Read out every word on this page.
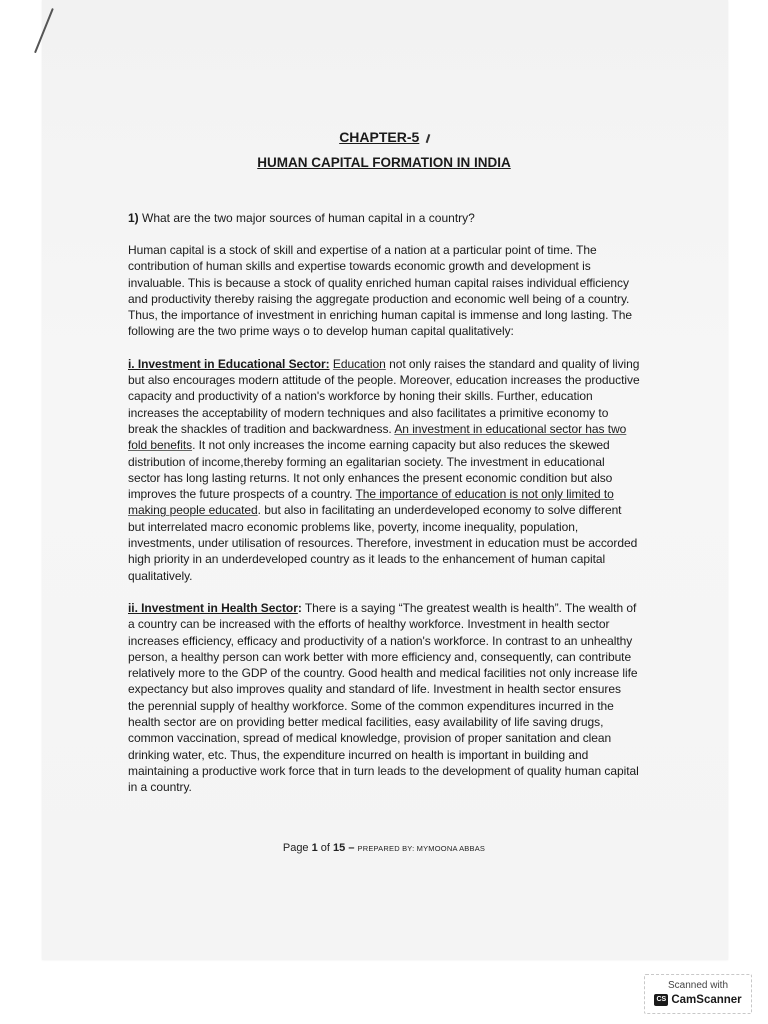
CHAPTER-5
HUMAN CAPITAL FORMATION IN INDIA

1) What are the two major sources of human capital in a country?

Human capital is a stock of skill and expertise of a nation at a particular point of time. The contribution of human skills and expertise towards economic growth and development is invaluable. This is because a stock of quality enriched human capital raises individual efficiency and productivity thereby raising the aggregate production and economic well being of a country. Thus, the importance of investment in enriching human capital is immense and long lasting. The following are the two prime ways o to develop human capital qualitatively:

i. Investment in Educational Sector: Education not only raises the standard and quality of living but also encourages modern attitude of the people. Moreover, education increases the productive capacity and productivity of a nation's workforce by honing their skills. Further, education increases the acceptability of modern techniques and also facilitates a primitive economy to break the shackles of tradition and backwardness. An investment in educational sector has two fold benefits. It not only increases the income earning capacity but also reduces the skewed distribution of income,thereby forming an egalitarian society. The investment in educational sector has long lasting returns. It not only enhances the present economic condition but also improves the future prospects of a country. The importance of education is not only limited to making people educated. but also in facilitating an underdeveloped economy to solve different but interrelated macro economic problems like, poverty, income inequality, population, investments, under utilisation of resources. Therefore, investment in education must be accorded high priority in an underdeveloped country as it leads to the enhancement of human capital qualitatively.

ii. Investment in Health Sector: There is a saying “The greatest wealth is health”. The wealth of a country can be increased with the efforts of healthy workforce. Investment in health sector increases efficiency, efficacy and productivity of a nation's workforce. In contrast to an unhealthy person, a healthy person can work better with more efficiency and, consequently, can contribute relatively more to the GDP of the country. Good health and medical facilities not only increase life expectancy but also improves quality and standard of life. Investment in health sector ensures the perennial supply of healthy workforce. Some of the common expenditures incurred in the health sector are on providing better medical facilities, easy availability of life saving drugs, common vaccination, spread of medical knowledge, provision of proper sanitation and clean drinking water, etc. Thus, the expenditure incurred on health is important in building and maintaining a productive work force that in turn leads to the development of quality human capital in a country.

Page 1 of 15 – PREPARED BY: MYMOONA ABBAS
Scanned with
CS CamScanner
